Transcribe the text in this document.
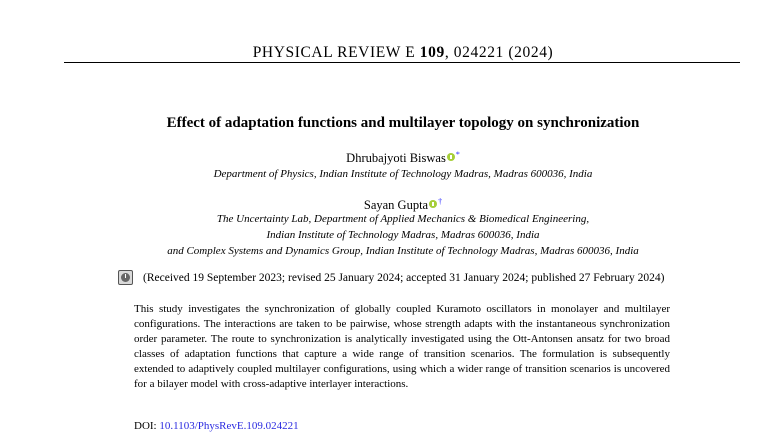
PHYSICAL REVIEW E 109, 024221 (2024)
Effect of adaptation functions and multilayer topology on synchronization
Dhrubajyoti Biswas *
Department of Physics, Indian Institute of Technology Madras, Madras 600036, India
Sayan Gupta †
The Uncertainty Lab, Department of Applied Mechanics & Biomedical Engineering,
Indian Institute of Technology Madras, Madras 600036, India
and Complex Systems and Dynamics Group, Indian Institute of Technology Madras, Madras 600036, India
(Received 19 September 2023; revised 25 January 2024; accepted 31 January 2024; published 27 February 2024)
This study investigates the synchronization of globally coupled Kuramoto oscillators in monolayer and multilayer configurations. The interactions are taken to be pairwise, whose strength adapts with the instantaneous synchronization order parameter. The route to synchronization is analytically investigated using the Ott-Antonsen ansatz for two broad classes of adaptation functions that capture a wide range of transition scenarios. The formulation is subsequently extended to adaptively coupled multilayer configurations, using which a wider range of transition scenarios is uncovered for a bilayer model with cross-adaptive interlayer interactions.
DOI: 10.1103/PhysRevE.109.024221
